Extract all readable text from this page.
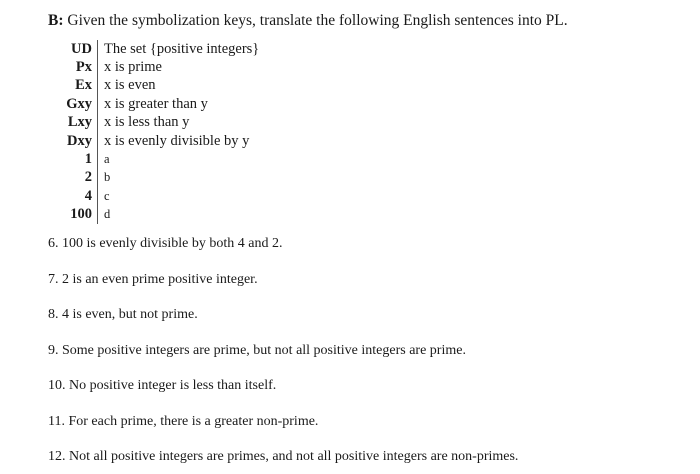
B: Given the symbolization keys, translate the following English sentences into PL.
UD The set {positive integers}
Px x is prime
Ex x is even
Gxy x is greater than y
Lxy x is less than y
Dxy x is evenly divisible by y
1 a
2 b
4 c
100 d
6. 100 is evenly divisible by both 4 and 2.
7. 2 is an even prime positive integer.
8. 4 is even, but not prime.
9. Some positive integers are prime, but not all positive integers are prime.
10. No positive integer is less than itself.
11. For each prime, there is a greater non-prime.
12. Not all positive integers are primes, and not all positive integers are non-primes.
